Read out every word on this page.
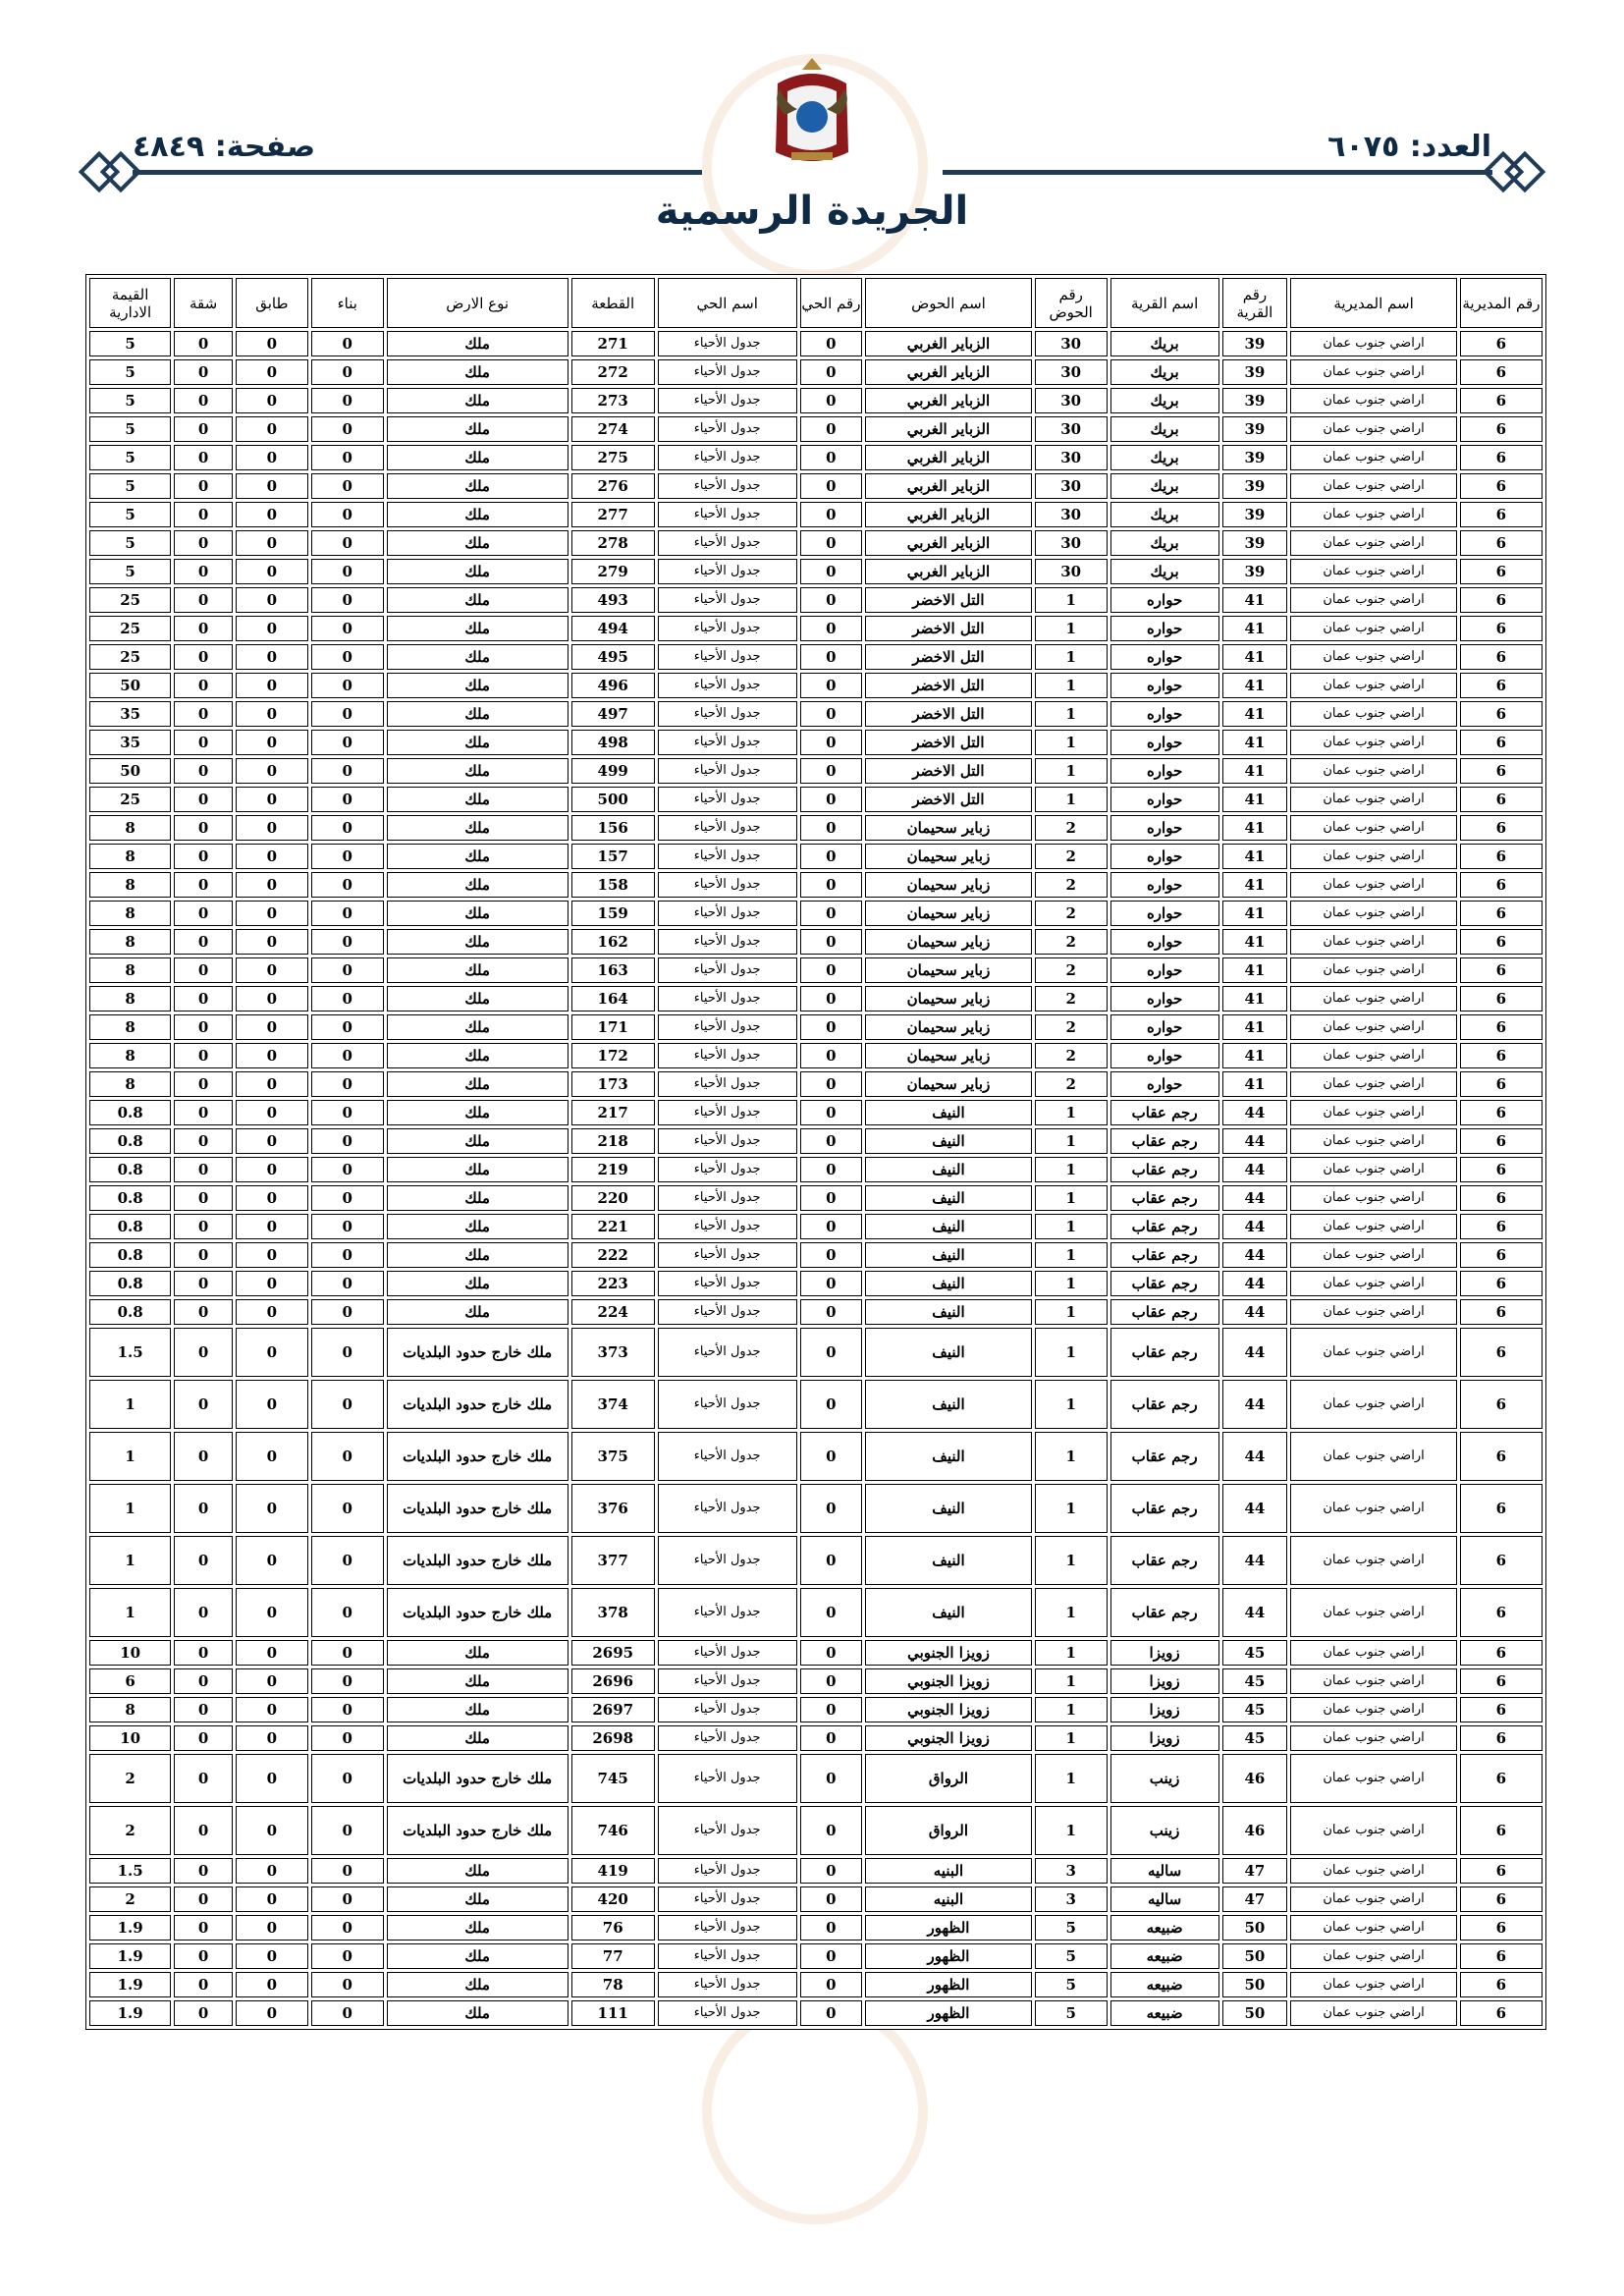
العدد: ٦٠٧٥
صفحة: ٤٨٤٩
الجريدة الرسمية
رقم المديرية	اسم المديرية	رقم القرية	اسم القرية	رقم الحوض	اسم الحوض	رقم الحي	اسم الحي	القطعة	نوع الارض	بناء	طابق	شقة	القيمة الادارية
6	اراضي جنوب عمان	39	بريك	30	الزباير الغربي	0	جدول الأحياء	271	ملك	0	0	0	5
6	اراضي جنوب عمان	39	بريك	30	الزباير الغربي	0	جدول الأحياء	272	ملك	0	0	0	5
6	اراضي جنوب عمان	39	بريك	30	الزباير الغربي	0	جدول الأحياء	273	ملك	0	0	0	5
6	اراضي جنوب عمان	39	بريك	30	الزباير الغربي	0	جدول الأحياء	274	ملك	0	0	0	5
6	اراضي جنوب عمان	39	بريك	30	الزباير الغربي	0	جدول الأحياء	275	ملك	0	0	0	5
6	اراضي جنوب عمان	39	بريك	30	الزباير الغربي	0	جدول الأحياء	276	ملك	0	0	0	5
6	اراضي جنوب عمان	39	بريك	30	الزباير الغربي	0	جدول الأحياء	277	ملك	0	0	0	5
6	اراضي جنوب عمان	39	بريك	30	الزباير الغربي	0	جدول الأحياء	278	ملك	0	0	0	5
6	اراضي جنوب عمان	39	بريك	30	الزباير الغربي	0	جدول الأحياء	279	ملك	0	0	0	5
6	اراضي جنوب عمان	41	حواره	1	التل الاخضر	0	جدول الأحياء	493	ملك	0	0	0	25
6	اراضي جنوب عمان	41	حواره	1	التل الاخضر	0	جدول الأحياء	494	ملك	0	0	0	25
6	اراضي جنوب عمان	41	حواره	1	التل الاخضر	0	جدول الأحياء	495	ملك	0	0	0	25
6	اراضي جنوب عمان	41	حواره	1	التل الاخضر	0	جدول الأحياء	496	ملك	0	0	0	50
6	اراضي جنوب عمان	41	حواره	1	التل الاخضر	0	جدول الأحياء	497	ملك	0	0	0	35
6	اراضي جنوب عمان	41	حواره	1	التل الاخضر	0	جدول الأحياء	498	ملك	0	0	0	35
6	اراضي جنوب عمان	41	حواره	1	التل الاخضر	0	جدول الأحياء	499	ملك	0	0	0	50
6	اراضي جنوب عمان	41	حواره	1	التل الاخضر	0	جدول الأحياء	500	ملك	0	0	0	25
6	اراضي جنوب عمان	41	حواره	2	زباير سحيمان	0	جدول الأحياء	156	ملك	0	0	0	8
6	اراضي جنوب عمان	41	حواره	2	زباير سحيمان	0	جدول الأحياء	157	ملك	0	0	0	8
6	اراضي جنوب عمان	41	حواره	2	زباير سحيمان	0	جدول الأحياء	158	ملك	0	0	0	8
6	اراضي جنوب عمان	41	حواره	2	زباير سحيمان	0	جدول الأحياء	159	ملك	0	0	0	8
6	اراضي جنوب عمان	41	حواره	2	زباير سحيمان	0	جدول الأحياء	162	ملك	0	0	0	8
6	اراضي جنوب عمان	41	حواره	2	زباير سحيمان	0	جدول الأحياء	163	ملك	0	0	0	8
6	اراضي جنوب عمان	41	حواره	2	زباير سحيمان	0	جدول الأحياء	164	ملك	0	0	0	8
6	اراضي جنوب عمان	41	حواره	2	زباير سحيمان	0	جدول الأحياء	171	ملك	0	0	0	8
6	اراضي جنوب عمان	41	حواره	2	زباير سحيمان	0	جدول الأحياء	172	ملك	0	0	0	8
6	اراضي جنوب عمان	41	حواره	2	زباير سحيمان	0	جدول الأحياء	173	ملك	0	0	0	8
6	اراضي جنوب عمان	44	رجم عقاب	1	النيف	0	جدول الأحياء	217	ملك	0	0	0	0.8
6	اراضي جنوب عمان	44	رجم عقاب	1	النيف	0	جدول الأحياء	218	ملك	0	0	0	0.8
6	اراضي جنوب عمان	44	رجم عقاب	1	النيف	0	جدول الأحياء	219	ملك	0	0	0	0.8
6	اراضي جنوب عمان	44	رجم عقاب	1	النيف	0	جدول الأحياء	220	ملك	0	0	0	0.8
6	اراضي جنوب عمان	44	رجم عقاب	1	النيف	0	جدول الأحياء	221	ملك	0	0	0	0.8
6	اراضي جنوب عمان	44	رجم عقاب	1	النيف	0	جدول الأحياء	222	ملك	0	0	0	0.8
6	اراضي جنوب عمان	44	رجم عقاب	1	النيف	0	جدول الأحياء	223	ملك	0	0	0	0.8
6	اراضي جنوب عمان	44	رجم عقاب	1	النيف	0	جدول الأحياء	224	ملك	0	0	0	0.8
6	اراضي جنوب عمان	44	رجم عقاب	1	النيف	0	جدول الأحياء	373	ملك خارج حدود البلديات	0	0	0	1.5
6	اراضي جنوب عمان	44	رجم عقاب	1	النيف	0	جدول الأحياء	374	ملك خارج حدود البلديات	0	0	0	1
6	اراضي جنوب عمان	44	رجم عقاب	1	النيف	0	جدول الأحياء	375	ملك خارج حدود البلديات	0	0	0	1
6	اراضي جنوب عمان	44	رجم عقاب	1	النيف	0	جدول الأحياء	376	ملك خارج حدود البلديات	0	0	0	1
6	اراضي جنوب عمان	44	رجم عقاب	1	النيف	0	جدول الأحياء	377	ملك خارج حدود البلديات	0	0	0	1
6	اراضي جنوب عمان	44	رجم عقاب	1	النيف	0	جدول الأحياء	378	ملك خارج حدود البلديات	0	0	0	1
6	اراضي جنوب عمان	45	زويزا	1	زويزا الجنوبي	0	جدول الأحياء	2695	ملك	0	0	0	10
6	اراضي جنوب عمان	45	زويزا	1	زويزا الجنوبي	0	جدول الأحياء	2696	ملك	0	0	0	6
6	اراضي جنوب عمان	45	زويزا	1	زويزا الجنوبي	0	جدول الأحياء	2697	ملك	0	0	0	8
6	اراضي جنوب عمان	45	زويزا	1	زويزا الجنوبي	0	جدول الأحياء	2698	ملك	0	0	0	10
6	اراضي جنوب عمان	46	زينب	1	الرواق	0	جدول الأحياء	745	ملك خارج حدود البلديات	0	0	0	2
6	اراضي جنوب عمان	46	زينب	1	الرواق	0	جدول الأحياء	746	ملك خارج حدود البلديات	0	0	0	2
6	اراضي جنوب عمان	47	ساليه	3	البنيه	0	جدول الأحياء	419	ملك	0	0	0	1.5
6	اراضي جنوب عمان	47	ساليه	3	البنيه	0	جدول الأحياء	420	ملك	0	0	0	2
6	اراضي جنوب عمان	50	ضبيعه	5	الظهور	0	جدول الأحياء	76	ملك	0	0	0	1.9
6	اراضي جنوب عمان	50	ضبيعه	5	الظهور	0	جدول الأحياء	77	ملك	0	0	0	1.9
6	اراضي جنوب عمان	50	ضبيعه	5	الظهور	0	جدول الأحياء	78	ملك	0	0	0	1.9
6	اراضي جنوب عمان	50	ضبيعه	5	الظهور	0	جدول الأحياء	111	ملك	0	0	0	1.9
